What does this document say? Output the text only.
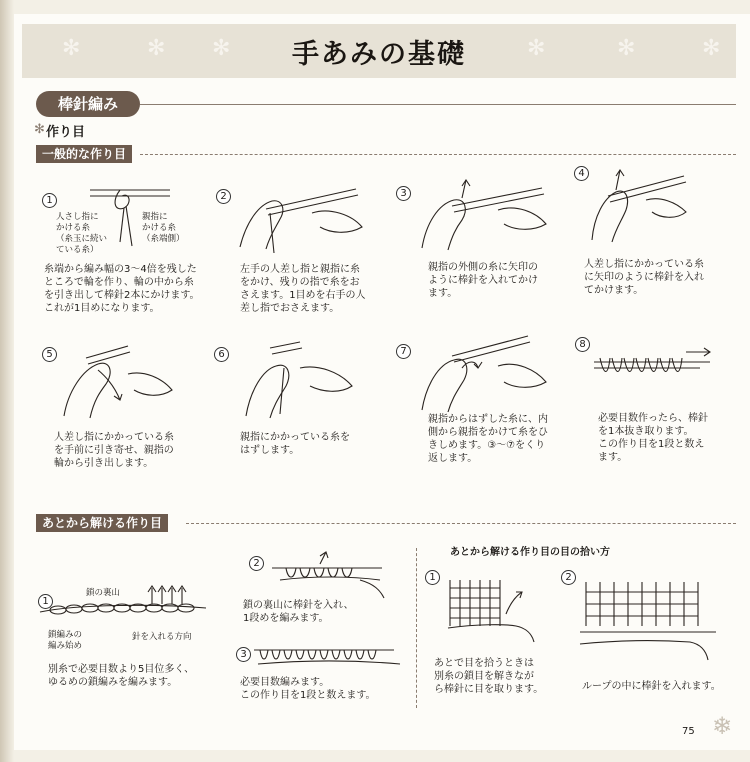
✻	✻ ✻	✻	✻	✻
手あみの基礎
棒針編み
✻ 作り目
一般的な作り目
1
人さし指に
かける糸
（糸玉に続い
ている糸）
親指に
かける糸
（糸端側）
糸端から編み幅の3〜4倍を残した
ところで輪を作り、輪の中から糸
を引き出して棒針2本にかけます。
これが1目めになります。
2
左手の人差し指と親指に糸
をかけ、残りの指で糸をお
さえます。1目めを右手の人
差し指でおさえます。
3
親指の外側の糸に矢印の
ように棒針を入れてかけ
ます。
4
人差し指にかかっている糸
に矢印のように棒針を入れ
てかけます。
5
人差し指にかかっている糸
を手前に引き寄せ、親指の
輪から引き出します。
6
親指にかかっている糸を
はずします。
7
親指からはずした糸に、内
側から親指をかけて糸をひ
きしめます。③〜⑦をくり
返します。
8
必要目数作ったら、棒針
を1本抜き取ります。
この作り目を1段と数え
ます。
あとから解ける作り目
1
鎖の裏山
鎖編みの
編み始め
針を入れる方向
別糸で必要目数より5目位多く、
ゆるめの鎖編みを編みます。
2
鎖の裏山に棒針を入れ、
1段めを編みます。
3
必要目数編みます。
この作り目を1段と数えます。
あとから解ける作り目の目の拾い方
1
あとで目を拾うときは
別糸の鎖目を解きなが
ら棒針に目を取ります。
2
ループの中に棒針を入れます。
75 ❄
